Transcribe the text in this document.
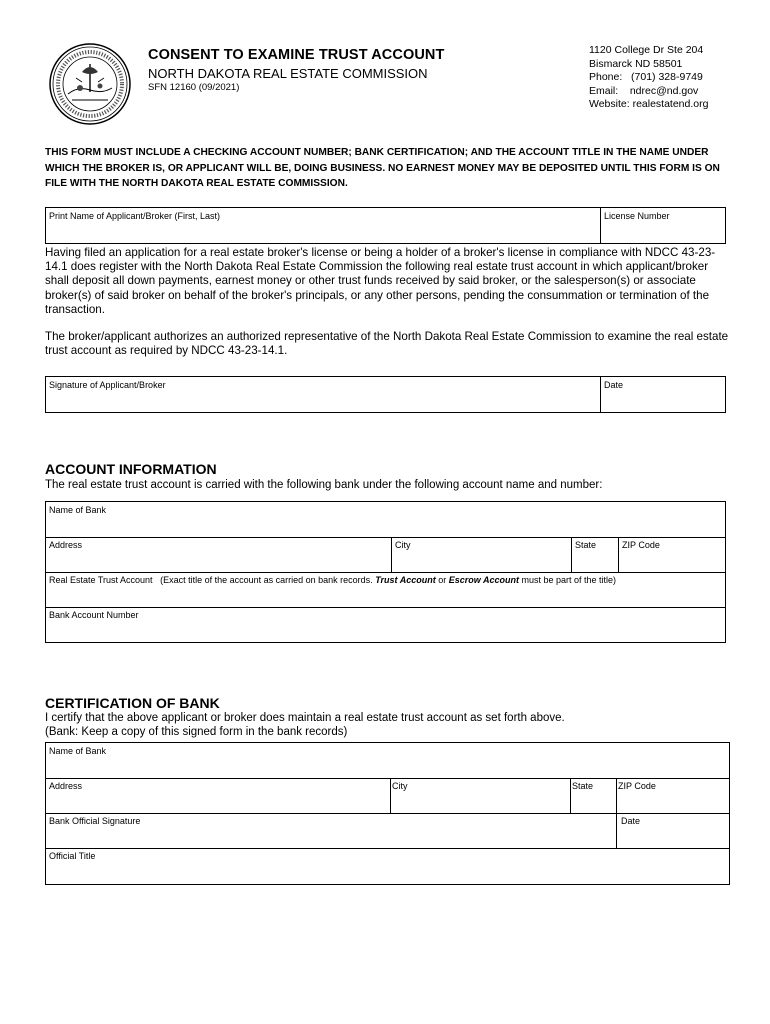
CONSENT TO EXAMINE TRUST ACCOUNT
NORTH DAKOTA REAL ESTATE COMMISSION
SFN 12160 (09/2021)
1120 College Dr Ste 204
Bismarck ND 58501
Phone:   (701) 328-9749
Email:    ndrec@nd.gov
Website: realestatend.org
THIS FORM MUST INCLUDE A CHECKING ACCOUNT NUMBER; BANK CERTIFICATION; AND THE ACCOUNT TITLE IN THE NAME UNDER WHICH THE BROKER IS, OR APPLICANT WILL BE, DOING BUSINESS. NO EARNEST MONEY MAY BE DEPOSITED UNTIL THIS FORM IS ON FILE WITH THE NORTH DAKOTA REAL ESTATE COMMISSION.
Print Name of Applicant/Broker (First, Last)	License Number
Having filed an application for a real estate broker's license or being a holder of a broker's license in compliance with NDCC 43-23-14.1 does register with the North Dakota Real Estate Commission the following real estate trust account in which applicant/broker shall deposit all down payments, earnest money or other trust funds received by said broker, or the salesperson(s) or associate broker(s) of said broker on behalf of the broker's principals, or any other persons, pending the consummation or termination of the transaction.
The broker/applicant authorizes an authorized representative of the North Dakota Real Estate Commission to examine the real estate trust account as required by NDCC 43-23-14.1.
Signature of Applicant/Broker	Date
ACCOUNT INFORMATION
The real estate trust account is carried with the following bank under the following account name and number:
Name of Bank
Address	City	State	ZIP Code
Real Estate Trust Account (Exact title of the account as carried on bank records. Trust Account or Escrow Account must be part of the title)
Bank Account Number
CERTIFICATION OF BANK
I certify that the above applicant or broker does maintain a real estate trust account as set forth above.
(Bank: Keep a copy of this signed form in the bank records)
Name of Bank
Address	City	State	ZIP Code
Bank Official Signature	Date
Official Title
